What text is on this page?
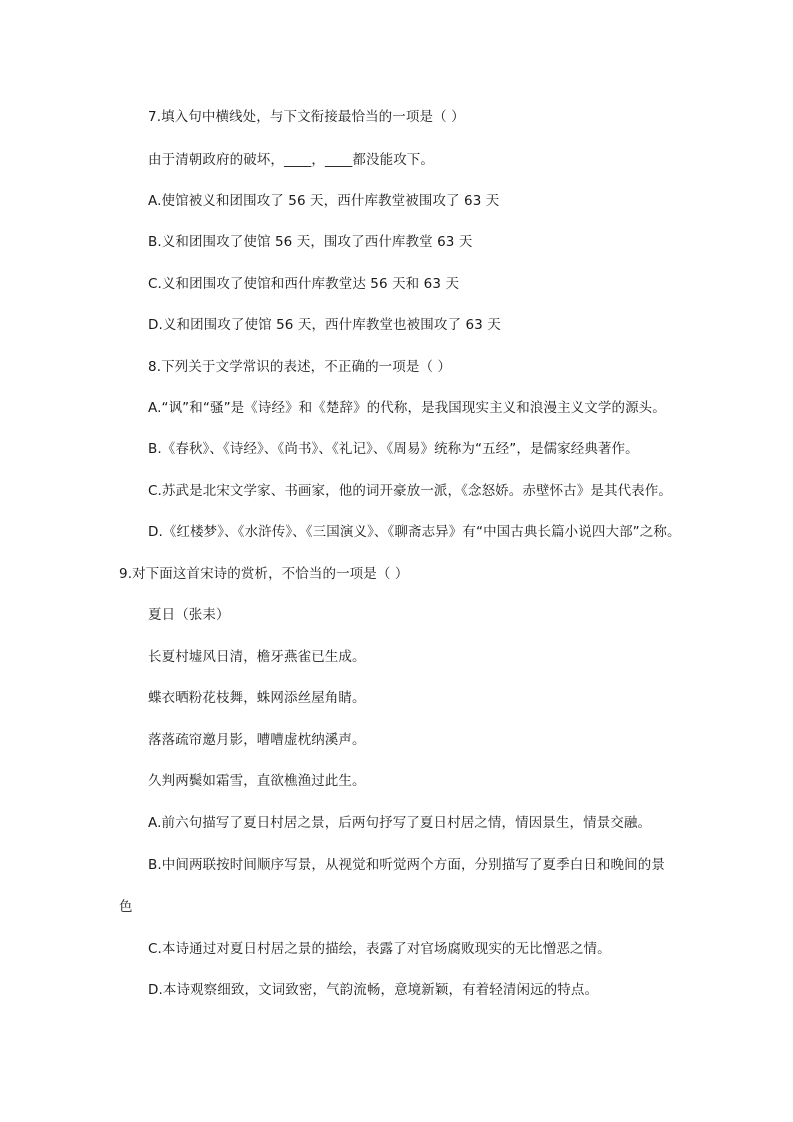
7.填入句中横线处，与下文衔接最恰当的一项是（ ）
由于清朝政府的破坏，____，____都没能攻下。
A.使馆被义和团围攻了 56 天，西什库教堂被围攻了 63 天
B.义和团围攻了使馆 56 天，围攻了西什库教堂 63 天
C.义和团围攻了使馆和西什库教堂达 56 天和 63 天
D.义和团围攻了使馆 56 天，西什库教堂也被围攻了 63 天
8.下列关于文学常识的表述，不正确的一项是（ ）
A.“讽”和“骚”是《诗经》和《楚辞》的代称，是我国现实主义和浪漫主义文学的源头。
B.《春秋》、《诗经》、《尚书》、《礼记》、《周易》统称为“五经”，是儒家经典著作。
C.苏武是北宋文学家、书画家，他的词开豪放一派，《念怒娇。赤壁怀古》是其代表作。
D.《红楼梦》、《水浒传》、《三国演义》、《聊斋志异》有“中国古典长篇小说四大部”之称。
9.对下面这首宋诗的赏析，不恰当的一项是（ ）
夏日（张耒）
长夏村墟风日清，檐牙燕雀已生成。
蝶衣晒粉花枝舞，蛛网添丝屋角睛。
落落疏帘邀月影，嘈嘈虚枕纳溪声。
久判两鬓如霜雪，直欲樵渔过此生。
A.前六句描写了夏日村居之景，后两句抒写了夏日村居之情，情因景生，情景交融。
B.中间两联按时间顺序写景，从视觉和听觉两个方面，分别描写了夏季白日和晚间的景
色
C.本诗通过对夏日村居之景的描绘，表露了对官场腐败现实的无比憎恶之情。
D.本诗观察细致，文词致密，气韵流畅，意境新颖，有着轻清闲远的特点。
